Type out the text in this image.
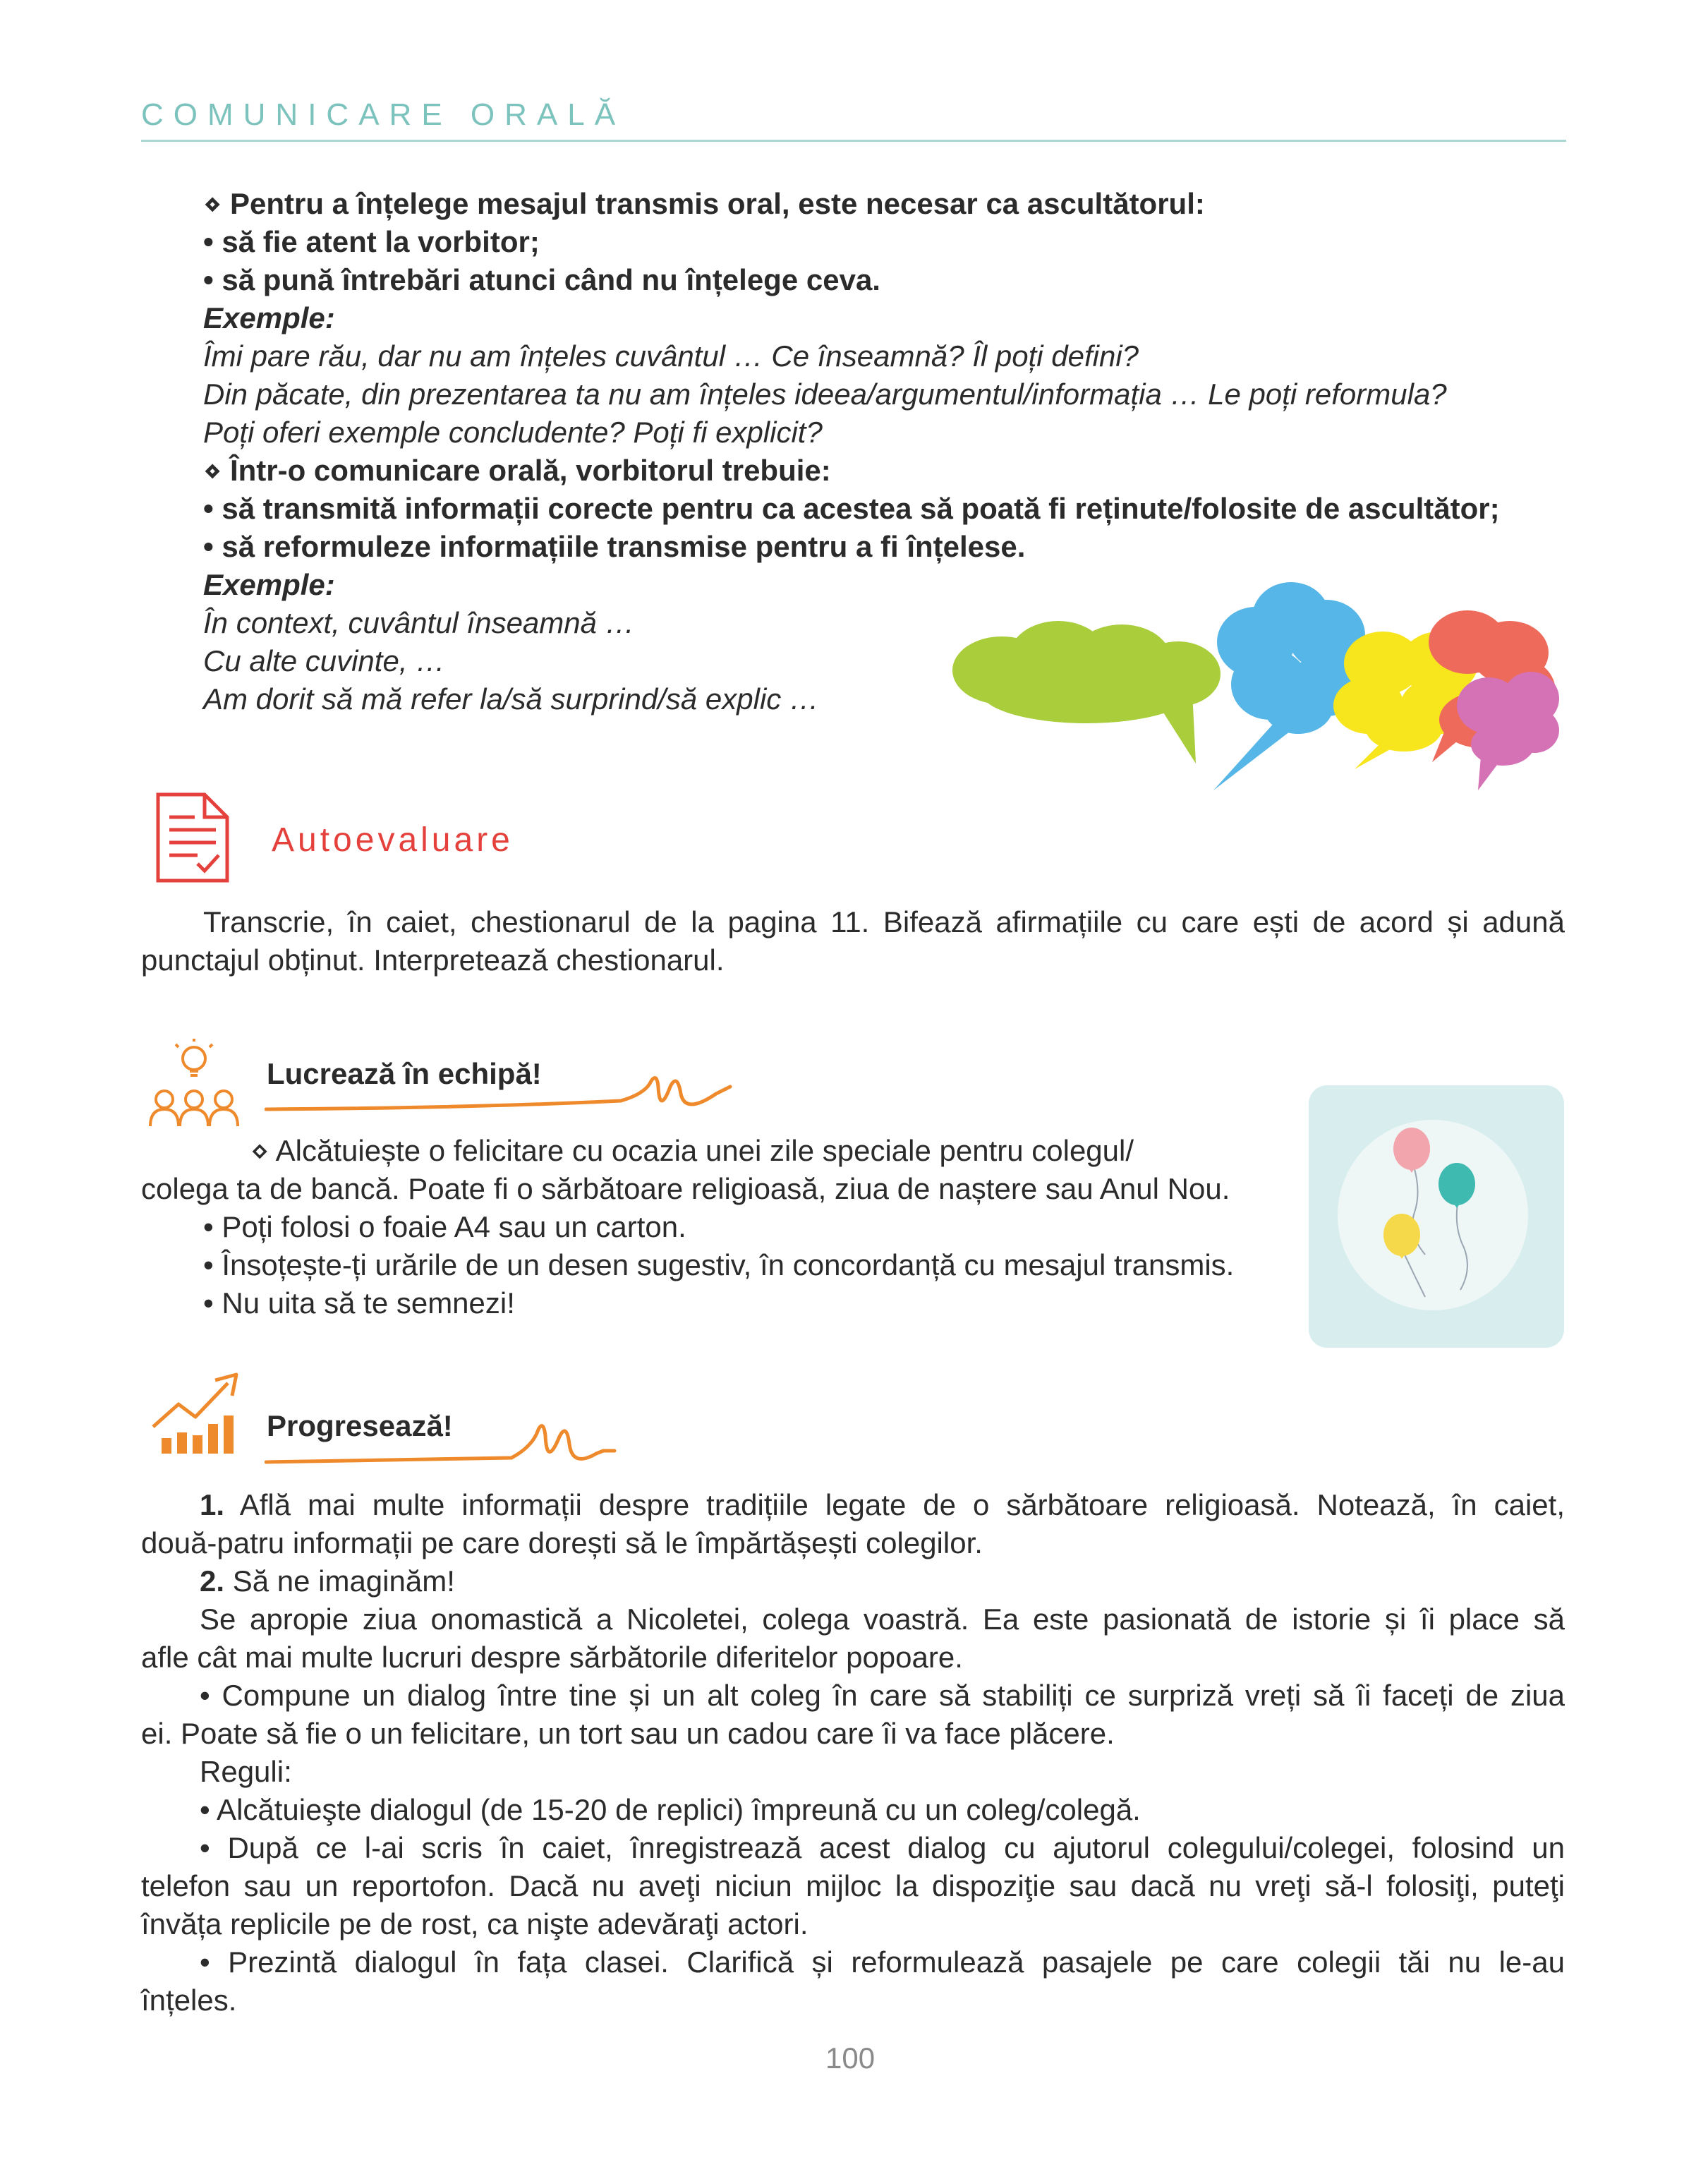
COMUNICARE ORALĂ
⋄ Pentru a înțelege mesajul transmis oral, este necesar ca ascultătorul:
• să fie atent la vorbitor;
• să pună întrebări atunci când nu înțelege ceva.
Exemple:
Îmi pare rău, dar nu am înțeles cuvântul … Ce înseamnă? Îl poți defini?
Din păcate, din prezentarea ta nu am înțeles ideea/argumentul/informația … Le poți reformula?
Poți oferi exemple concludente? Poți fi explicit?
⋄ Într-o comunicare orală, vorbitorul trebuie:
• să transmită informații corecte pentru ca acestea să poată fi reținute/folosite de ascultător;
• să reformuleze informațiile transmise pentru a fi înțelese.
Exemple:
În context, cuvântul înseamnă …
Cu alte cuvinte, …
Am dorit să mă refer la/să surprind/să explic …
Autoevaluare
Transcrie, în caiet, chestionarul de la pagina 11. Bifează afirmațiile cu care ești de acord și adună
punctajul obținut. Interpretează chestionarul.
Lucrează în echipă!
⋄ Alcătuiește o felicitare cu ocazia unei zile speciale pentru colegul/
colega ta de bancă. Poate fi o sărbătoare religioasă, ziua de naștere sau Anul Nou.
• Poți folosi o foaie A4 sau un carton.
• Însoțește-ți urările de un desen sugestiv, în concordanță cu mesajul transmis.
• Nu uita să te semnezi!
Progresează!
1. Află mai multe informații despre tradițiile legate de o sărbătoare religioasă. Notează, în caiet,
două-patru informații pe care dorești să le împărtășești colegilor.
2. Să ne imaginăm!
Se apropie ziua onomastică a Nicoletei, colega voastră. Ea este pasionată de istorie și îi place să
afle cât mai multe lucruri despre sărbătorile diferitelor popoare.
• Compune un dialog între tine și un alt coleg în care să stabiliți ce surpriză vreți să îi faceți de ziua
ei. Poate să fie o un felicitare, un tort sau un cadou care îi va face plăcere.
Reguli:
• Alcătuieşte dialogul (de 15-20 de replici) împreună cu un coleg/colegă.
• După ce l-ai scris în caiet, înregistrează acest dialog cu ajutorul colegului/colegei, folosind un
telefon sau un reportofon. Dacă nu aveţi niciun mijloc la dispoziţie sau dacă nu vreţi să-l folosiţi, puteţi
învăța replicile pe de rost, ca nişte adevăraţi actori.
• Prezintă dialogul în fața clasei. Clarifică și reformulează pasajele pe care colegii tăi nu le-au
înțeles.
100
